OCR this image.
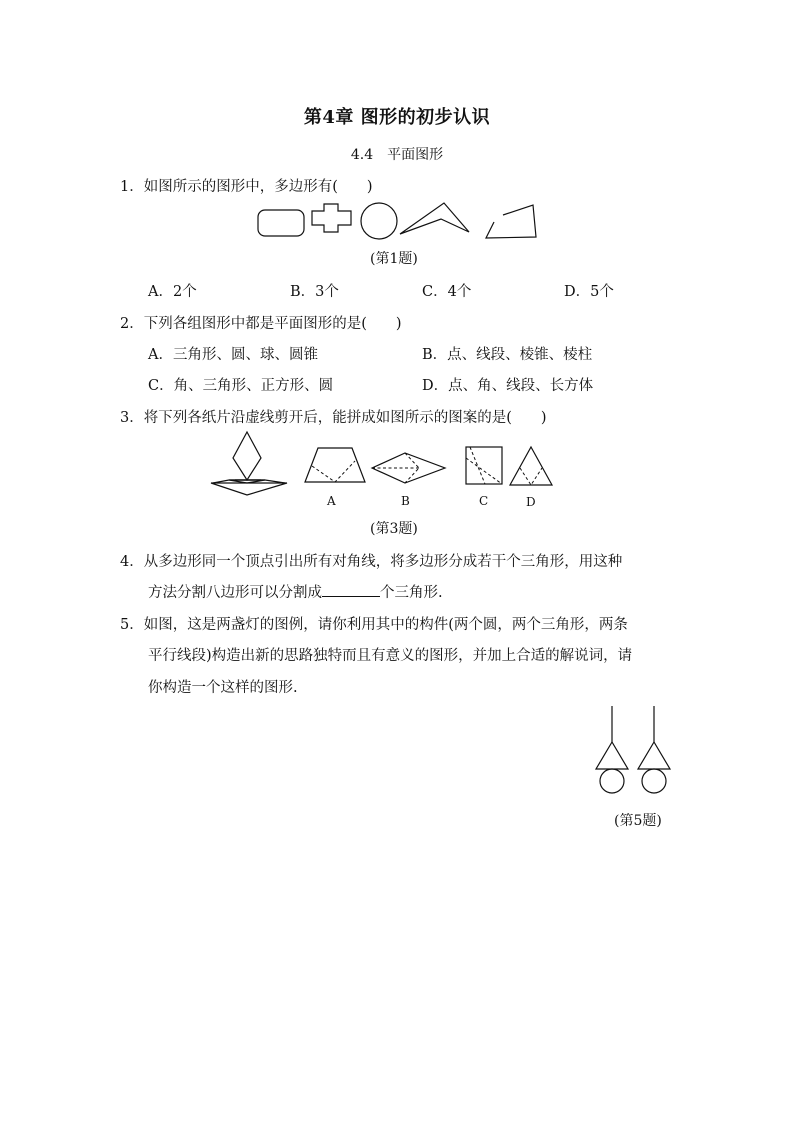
第4章 图形的初步认识
4.4　平面图形
1．如图所示的图形中，多边形有(　　)
(第1题)
A．2个	B．3个	C．4个	D．5个
2．下列各组图形中都是平面图形的是(　　)
A．三角形、圆、球、圆锥	B．点、线段、棱锥、棱柱
C．角、三角形、正方形、圆	D．点、角、线段、长方体
3．将下列各纸片沿虚线剪开后，能拼成如图所示的图案的是(　　)
A	B	C	D
(第3题)
4．从多边形同一个顶点引出所有对角线，将多边形分成若干个三角形，用这种
方法分割八边形可以分割成	个三角形.
5．如图，这是两盏灯的图例，请你利用其中的构件(两个圆，两个三角形，两条
平行线段)构造出新的思路独特而且有意义的图形，并加上合适的解说词，请
你构造一个这样的图形.
(第5题)
